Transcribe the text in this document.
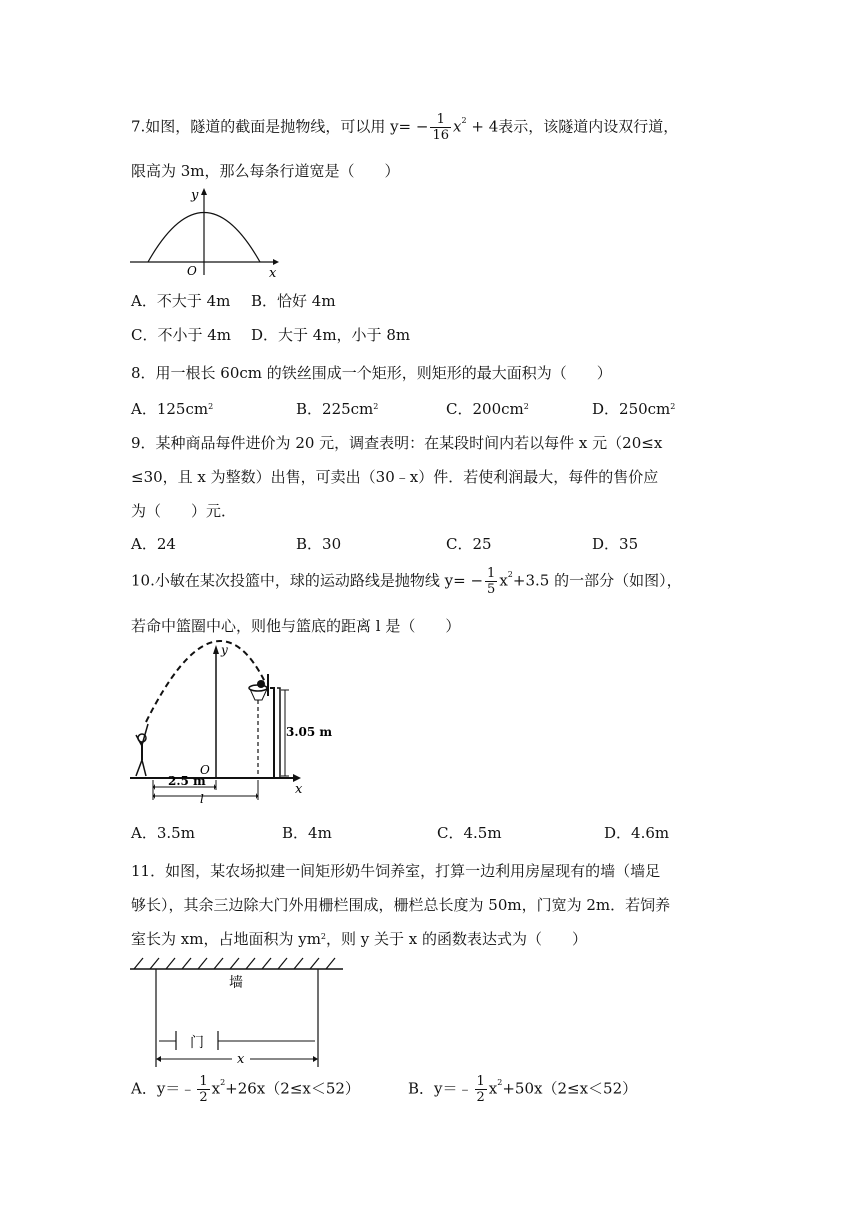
7.如图，隧道的截面是抛物线，可以用 $y= - \frac{1}{16} x^2 + 4$表示，该隧道内设双行道，
限高为 3m，那么每条行道宽是（　　）
y
O	x
A．不大于 4m B．恰好 4m
C．不小于 4m D．大于 4m，小于 8m
8．用一根长 60cm 的铁丝围成一个矩形，则矩形的最大面积为（　　）
A．$125cm^2$	B．$225cm^2$	C．$200cm^2$	D．$250cm^2$
9．某种商品每件进价为 20 元，调查表明：在某段时间内若以每件 x 元（20≤x
≤30，且 x 为整数）出售，可卖出（30﹣x）件．若使利润最大，每件的售价应
为（　　）元．
A．24	B．30	C．25	D．35
10.小敏在某次投篮中，球的运动路线是抛物线 $y= - \frac{1}{5} x^2+3.5$ 的一部分（如图），
若命中篮圈中心，则他与篮底的距离 l 是（　　）
x
y
O
3.05 m
2.5 m
l
A．3.5m	B．4m	C．4.5m	D．4.6m
11．如图，某农场拟建一间矩形奶牛饲养室，打算一边利用房屋现有的墙（墙足
够长），其余三边除大门外用栅栏围成，栅栏总长度为 50m，门宽为 2m．若饲养
室长为 xm，占地面积为 $ym^2$，则 y 关于 x 的函数表达式为（　　）
墙
门
x
A．y＝﹣ $\frac{1}{2} x^2+26x(2\le x<52)$	B．y＝﹣ $\frac{1}{2} x^2+50x(2\le x<52)$
